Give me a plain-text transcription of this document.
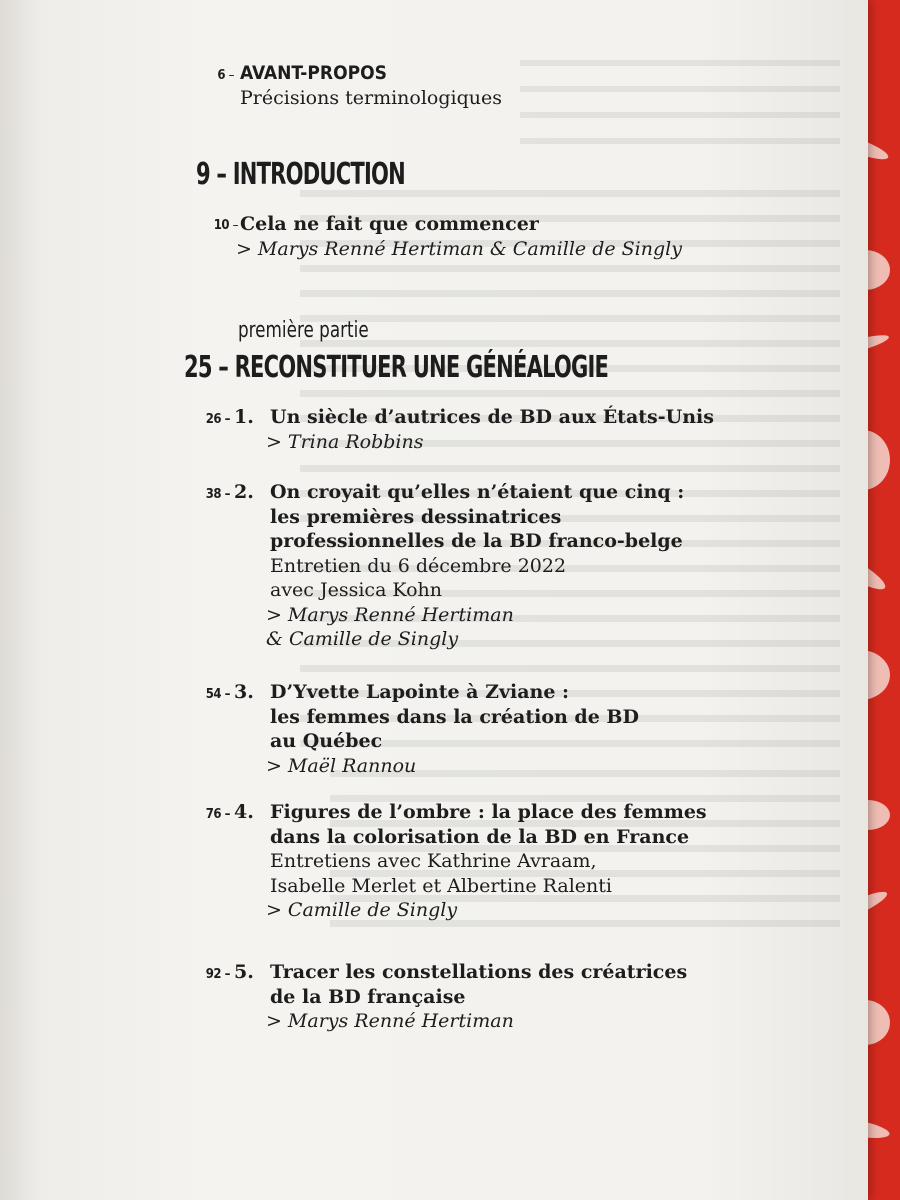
6 – AVANT-PROPOS
Précisions terminologiques
9 – INTRODUCTION
10 – Cela ne fait que commencer
> Marys Renné Hertiman & Camille de Singly
première partie
25 – RECONSTITUER UNE GÉNÉALOGIE
26 – 1. Un siècle d’autrices de BD aux États-Unis
> Trina Robbins
38 – 2. On croyait qu’elles n’étaient que cinq :
les premières dessinatrices
professionnelles de la BD franco-belge
Entretien du 6 décembre 2022
avec Jessica Kohn
> Marys Renné Hertiman
& Camille de Singly
54 – 3. D’Yvette Lapointe à Zviane :
les femmes dans la création de BD
au Québec
> Maël Rannou
76 – 4. Figures de l’ombre : la place des femmes
dans la colorisation de la BD en France
Entretiens avec Kathrine Avraam,
Isabelle Merlet et Albertine Ralenti
> Camille de Singly
92 – 5. Tracer les constellations des créatrices
de la BD française
> Marys Renné Hertiman
